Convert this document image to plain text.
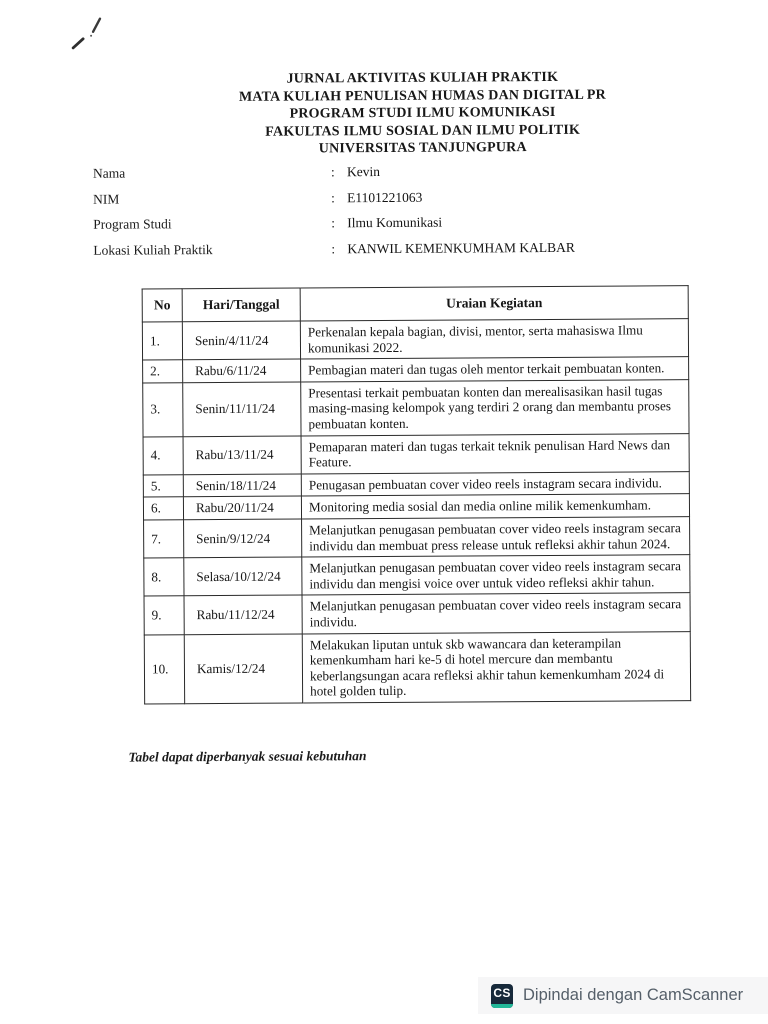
JURNAL AKTIVITAS KULIAH PRAKTIK
MATA KULIAH PENULISAN HUMAS DAN DIGITAL PR
PROGRAM STUDI ILMU KOMUNIKASI
FAKULTAS ILMU SOSIAL DAN ILMU POLITIK
UNIVERSITAS TANJUNGPURA
Nama	: Kevin
NIM	: E1101221063
Program Studi	: Ilmu Komunikasi
Lokasi Kuliah Praktik	: KANWIL KEMENKUMHAM KALBAR
No	Hari/Tanggal	Uraian Kegiatan
1.	Senin/4/11/24	Perkenalan kepala bagian, divisi, mentor, serta mahasiswa Ilmu komunikasi 2022.
2.	Rabu/6/11/24	Pembagian materi dan tugas oleh mentor terkait pembuatan konten.
3.	Senin/11/11/24	Presentasi terkait pembuatan konten dan merealisasikan hasil tugas masing-masing kelompok yang terdiri 2 orang dan membantu proses pembuatan konten.
4.	Rabu/13/11/24	Pemaparan materi dan tugas terkait teknik penulisan Hard News dan Feature.
5.	Senin/18/11/24	Penugasan pembuatan cover video reels instagram secara individu.
6.	Rabu/20/11/24	Monitoring media sosial dan media online milik kemenkumham.
7.	Senin/9/12/24	Melanjutkan penugasan pembuatan cover video reels instagram secara individu dan membuat press release untuk refleksi akhir tahun 2024.
8.	Selasa/10/12/24	Melanjutkan penugasan pembuatan cover video reels instagram secara individu dan mengisi voice over untuk video refleksi akhir tahun.
9.	Rabu/11/12/24	Melanjutkan penugasan pembuatan cover video reels instagram secara individu.
10.	Kamis/12/24	Melakukan liputan untuk skb wawancara dan keterampilan kemenkumham hari ke-5 di hotel mercure dan membantu keberlangsungan acara refleksi akhir tahun kemenkumham 2024 di hotel golden tulip.
Tabel dapat diperbanyak sesuai kebutuhan
CS Dipindai dengan CamScanner
